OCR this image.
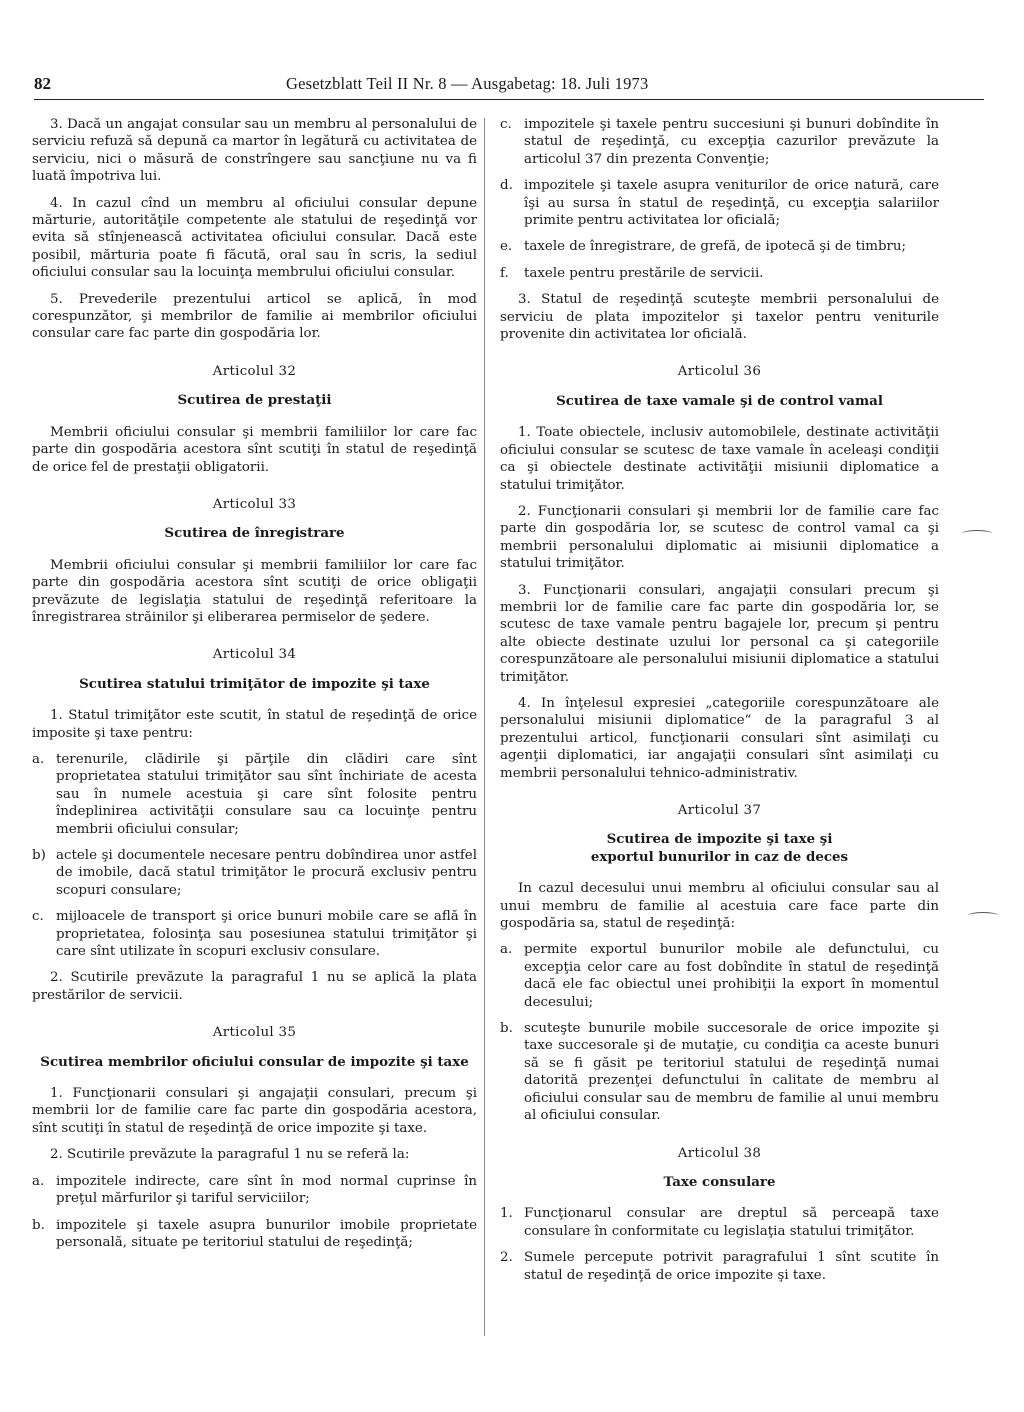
82	Gesetzblatt Teil II Nr. 8 — Ausgabetag: 18. Juli 1973

3. Dacă un angajat consular sau un membru al personalului de serviciu refuză să depună ca martor în legătură cu activitatea de serviciu, nici o măsură de constrîngere sau sancţiune nu va fi luată împotriva lui.

4. In cazul cînd un membru al oficiului consular depune mărturie, autorităţile competente ale statului de reşedinţă vor evita să stînjenească activitatea oficiului consular. Dacă este posibil, mărturia poate fi făcută, oral sau în scris, la sediul oficiului consular sau la locuinţa membrului oficiului consular.

5. Prevederile prezentului articol se aplică, în mod corespunzător, şi membrilor de familie ai membrilor oficiului consular care fac parte din gospodăria lor.

Articolul 32
Scutirea de prestaţii

Membrii oficiului consular şi membrii familiilor lor care fac parte din gospodăria acestora sînt scutiţi în statul de reşedinţă de orice fel de prestaţii obligatorii.

Articolul 33
Scutirea de înregistrare

Membrii oficiului consular şi membrii familiilor lor care fac parte din gospodăria acestora sînt scutiţi de orice obligaţii prevăzute de legislaţia statului de reşedinţă referitoare la înregistrarea străinilor şi eliberarea permiselor de şedere.

Articolul 34
Scutirea statului trimiţător de impozite şi taxe

1. Statul trimiţător este scutit, în statul de reşedinţă de orice imposite şi taxe pentru:

a. terenurile, clădirile şi părţile din clădiri care sînt proprietatea statului trimiţător sau sînt închiriate de acesta sau în numele acestuia şi care sînt folosite pentru îndeplinirea activităţii consulare sau ca locuinţe pentru membrii oficiului consular;
b) actele şi documentele necesare pentru dobîndirea unor astfel de imobile, dacă statul trimiţător le procură exclusiv pentru scopuri consulare;
c. mijloacele de transport şi orice bunuri mobile care se află în proprietatea, folosinţa sau posesiunea statului trimiţător şi care sînt utilizate în scopuri exclusiv consulare.

2. Scutirile prevăzute la paragraful 1 nu se aplică la plata prestărilor de servicii.

Articolul 35
Scutirea membrilor oficiului consular de impozite şi taxe

1. Funcţionarii consulari şi angajaţii consulari, precum şi membrii lor de familie care fac parte din gospodăria acestora, sînt scutiţi în statul de reşedinţă de orice impozite şi taxe.

2. Scutirile prevăzute la paragraful 1 nu se referă la:

a. impozitele indirecte, care sînt în mod normal cuprinse în preţul mărfurilor şi tariful serviciilor;
b. impozitele şi taxele asupra bunurilor imobile proprietate personală, situate pe teritoriul statului de reşedinţă;
c. impozitele şi taxele pentru succesiuni şi bunuri dobîndite în statul de reşedinţă, cu excepţia cazurilor prevăzute la articolul 37 din prezenta Convenţie;
d. impozitele şi taxele asupra veniturilor de orice natură, care îşi au sursa în statul de reşedinţă, cu excepţia salariilor primite pentru activitatea lor oficială;
e. taxele de înregistrare, de grefă, de ipotecă şi de timbru;
f.	taxele pentru prestările de servicii.

3. Statul de reşedinţă scuteşte membrii personalului de serviciu de plata impozitelor şi taxelor pentru veniturile provenite din activitatea lor oficială.

Articolul 36
Scutirea de taxe vamale şi de control vamal

1. Toate obiectele, inclusiv automobilele, destinate activităţii oficiului consular se scutesc de taxe vamale în aceleaşi condiţii ca şi obiectele destinate activităţii misiunii diplomatice a statului trimiţător.

2. Funcţionarii consulari şi membrii lor de familie care fac parte din gospodăria lor, se scutesc de control vamal ca şi membrii personalului diplomatic ai misiunii diplomatice a statului trimiţător.

3. Funcţionarii consulari, angajaţii consulari precum şi membrii lor de familie care fac parte din gospodăria lor, se scutesc de taxe vamale pentru bagajele lor, precum şi pentru alte obiecte destinate uzului lor personal ca şi categoriile corespunzătoare ale personalului misiunii diplomatice a statului trimiţător.

4. In înţelesul expresiei „categoriile corespunzătoare ale personalului misiunii diplomatice“ de la paragraful 3 al prezentului articol, funcţionarii consulari sînt asimilaţi cu agenţii diplomatici, iar angajaţii consulari sînt asimilaţi cu membrii personalului tehnico-administrativ.

Articolul 37
Scutirea de impozite şi taxe şi
exportul bunurilor in caz de deces

In cazul decesului unui membru al oficiului consular sau al unui membru de familie al acestuia care face parte din gospodăria sa, statul de reşedinţă:

a. permite exportul bunurilor mobile ale defunctului, cu excepţia celor care au fost dobîndite în statul de reşedinţă dacă ele fac obiectul unei prohibiţii la export în momentul decesului;
b. scuteşte bunurile mobile succesorale de orice impozite şi taxe succesorale şi de mutaţie, cu condiţia ca aceste bunuri să se fi găsit pe teritoriul statului de reşedinţă numai datorită prezenţei defunctului în calitate de membru al oficiului consular sau de membru de familie al unui membru al oficiului consular.
Articolul 38
Taxe consulare
1. Funcţionarul consular are dreptul să perceapă taxe consulare în conformitate cu legislaţia statului trimiţător.
2. Sumele percepute potrivit paragrafului 1 sînt scutite în statul de reşedinţă de orice impozite şi taxe.
